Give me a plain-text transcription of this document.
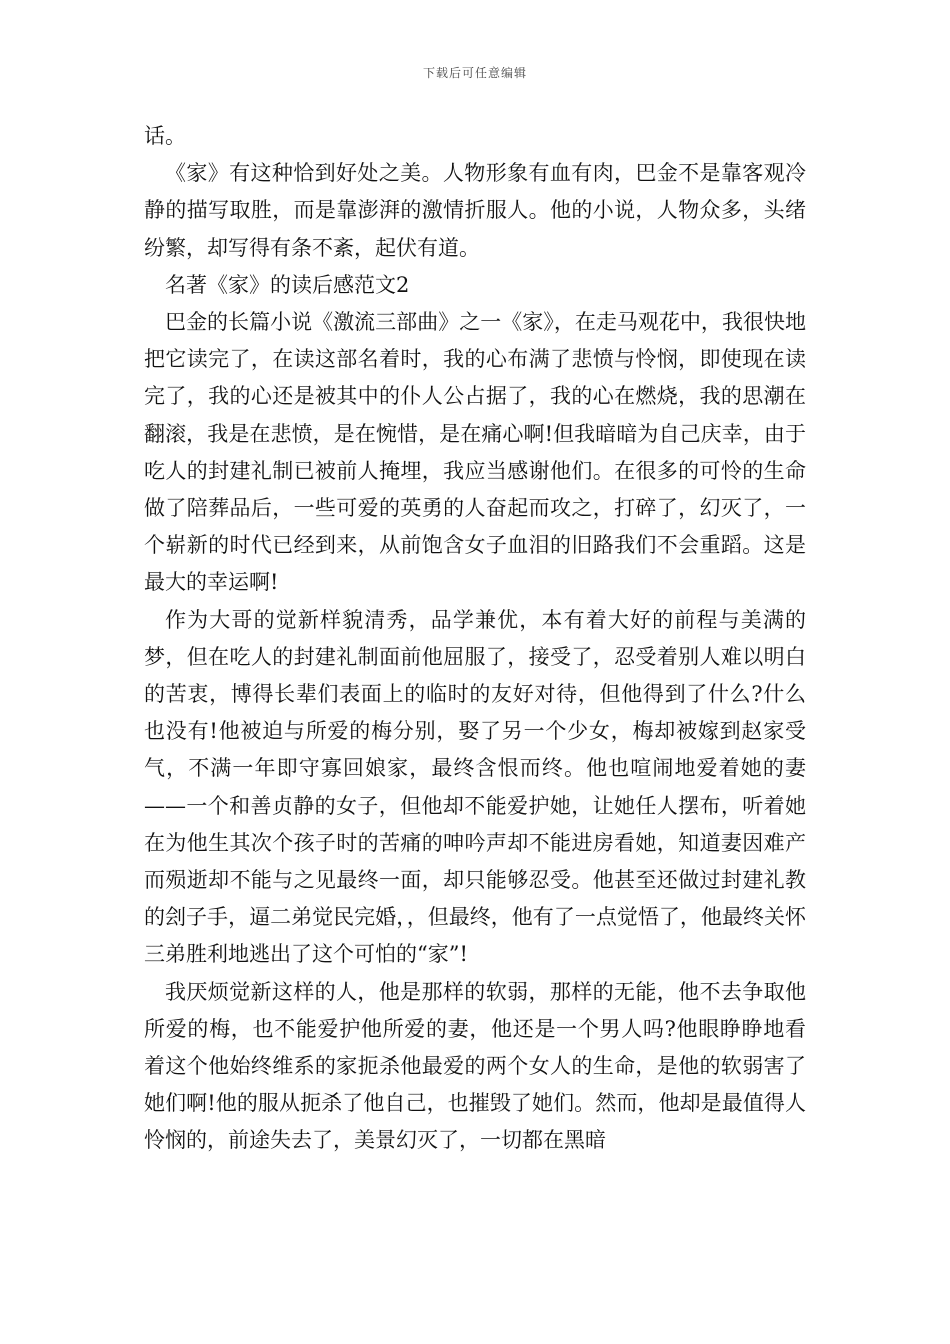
下载后可任意编辑

话。

《家》有这种恰到好处之美。人物形象有血有肉，巴金不是靠客观冷静的描写取胜，而是靠澎湃的激情折服人。他的小说，人物众多，头绪纷繁，却写得有条不紊，起伏有道。

名著《家》的读后感范文2

巴金的长篇小说《激流三部曲》之一《家》，在走马观花中，我很快地把它读完了，在读这部名着时，我的心布满了悲愤与怜悯，即使现在读完了，我的心还是被其中的仆人公占据了，我的心在燃烧，我的思潮在翻滚，我是在悲愤，是在惋惜，是在痛心啊!但我暗暗为自己庆幸，由于吃人的封建礼制已被前人掩埋，我应当感谢他们。在很多的可怜的生命做了陪葬品后，一些可爱的英勇的人奋起而攻之，打碎了，幻灭了，一个崭新的时代已经到来，从前饱含女子血泪的旧路我们不会重蹈。这是最大的幸运啊!

作为大哥的觉新样貌清秀，品学兼优，本有着大好的前程与美满的梦，但在吃人的封建礼制面前他屈服了，接受了，忍受着别人难以明白的苦衷，博得长辈们表面上的临时的友好对待，但他得到了什么?什么也没有!他被迫与所爱的梅分别，娶了另一个少女，梅却被嫁到赵家受气，不满一年即守寡回娘家，最终含恨而终。他也喧闹地爱着她的妻——一个和善贞静的女子，但他却不能爱护她，让她任人摆布，听着她在为他生其次个孩子时的苦痛的呻吟声却不能进房看她，知道妻因难产而殒逝却不能与之见最终一面，却只能够忍受。他甚至还做过封建礼教的刽子手，逼二弟觉民完婚，，但最终，他有了一点觉悟了，他最终关怀三弟胜利地逃出了这个可怕的“家”!

我厌烦觉新这样的人，他是那样的软弱，那样的无能，他不去争取他所爱的梅，也不能爱护他所爱的妻，他还是一个男人吗?他眼睁睁地看着这个他始终维系的家扼杀他最爱的两个女人的生命，是他的软弱害了她们啊!他的服从扼杀了他自己，也摧毁了她们。然而，他却是最值得人怜悯的，前途失去了，美景幻灭了，一切都在黑暗
